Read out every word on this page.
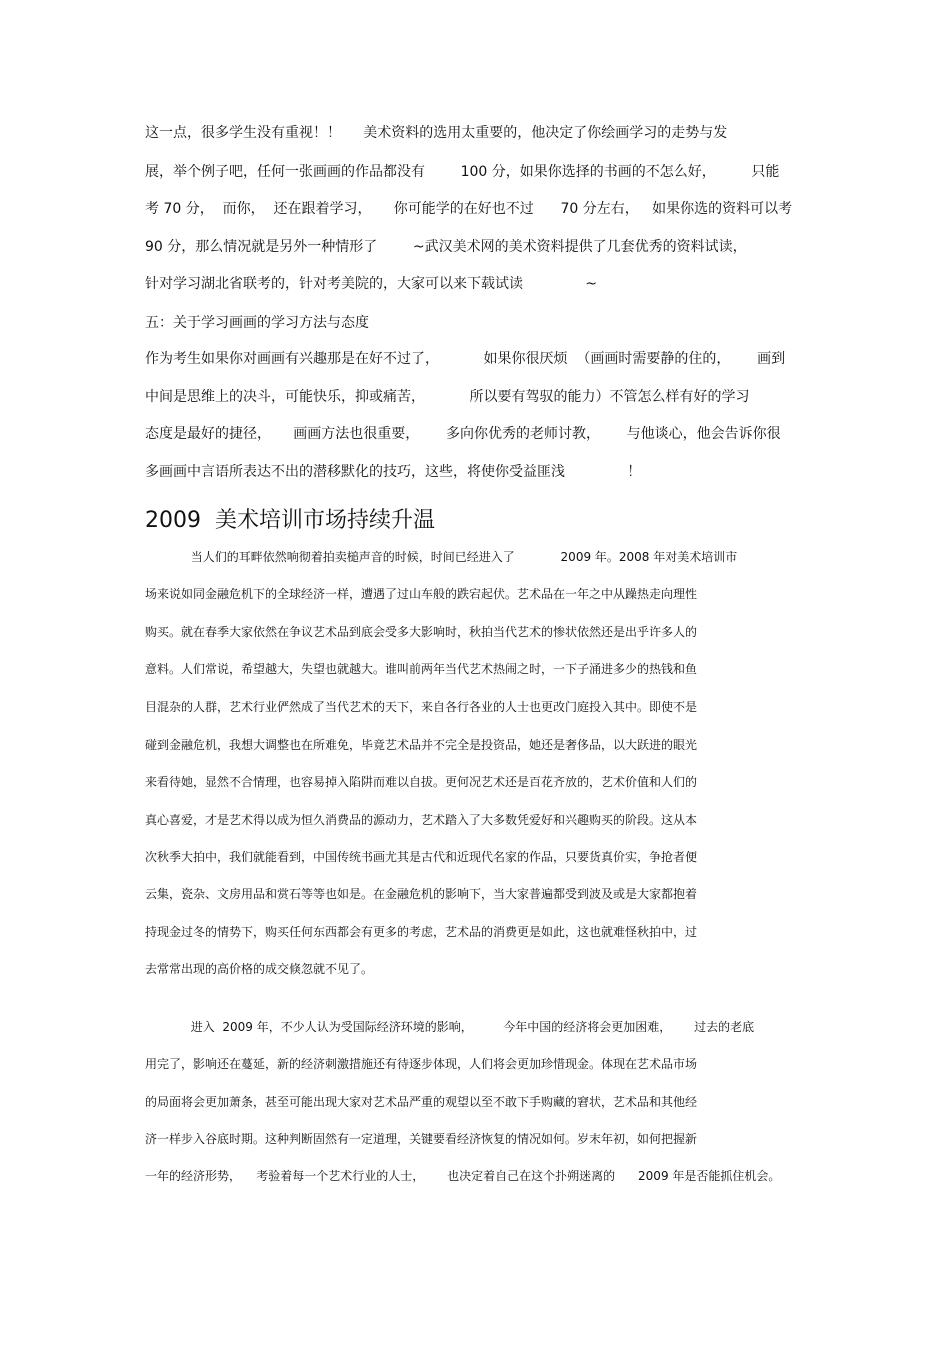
这一点，很多学生没有重视！！     美术资料的选用太重要的，他决定了你绘画学习的走势与发
展，举个例子吧，任何一张画画的作品都没有        100 分，如果你选择的书画的不怎么好，        只能
考 70 分，  而你，  还在跟着学习，     你可能学的在好也不过      70 分左右，   如果你选的资料可以考
90 分，那么情况就是另外一种情形了        ~武汉美术网的美术资料提供了几套优秀的资料试读，
针对学习湖北省联考的，针对考美院的，大家可以来下载试读              ~
五：关于学习画画的学习方法与态度
作为考生如果你对画画有兴趣那是在好不过了，          如果你很厌烦  （画画时需要静的住的，      画到
中间是思维上的决斗，可能快乐，抑或痛苦，          所以要有驾驭的能力）不管怎么样有好的学习
态度是最好的捷径，     画画方法也很重要，      多向你优秀的老师讨教，      与他谈心，他会告诉你很
多画画中言语所表达不出的潜移默化的技巧，这些，将使你受益匪浅              ！
2009  美术培训市场持续升温
当人们的耳畔依然响彻着拍卖槌声音的时候，时间已经进入了            2009 年。2008 年对美术培训市
场来说如同金融危机下的全球经济一样，遭遇了过山车般的跌宕起伏。艺术品在一年之中从躁热走向理性
购买。就在春季大家依然在争议艺术品到底会受多大影响时，秋拍当代艺术的惨状依然还是出乎许多人的
意料。人们常说，希望越大，失望也就越大。谁叫前两年当代艺术热闹之时，一下子涌进多少的热钱和鱼
目混杂的人群，艺术行业俨然成了当代艺术的天下，来自各行各业的人士也更改门庭投入其中。即使不是
碰到金融危机，我想大调整也在所难免，毕竟艺术品并不完全是投资品，她还是奢侈品，以大跃进的眼光
来看待她，显然不合情理，也容易掉入陷阱而难以自拔。更何况艺术还是百花齐放的，艺术价值和人们的
真心喜爱，才是艺术得以成为恒久消费品的源动力，艺术踏入了大多数凭爱好和兴趣购买的阶段。这从本
次秋季大拍中，我们就能看到，中国传统书画尤其是古代和近现代名家的作品，只要货真价实，争抢者便
云集，瓷杂、文房用品和赏石等等也如是。在金融危机的影响下，当大家普遍都受到波及或是大家都抱着
持现金过冬的情势下，购买任何东西都会有更多的考虑，艺术品的消费更是如此，这也就难怪秋拍中，过
去常常出现的高价格的成交倏忽就不见了。
进入  2009 年，不少人认为受国际经济环境的影响，        今年中国的经济将会更加困难，      过去的老底
用完了，影响还在蔓延，新的经济刺激措施还有待逐步体现，人们将会更加珍惜现金。体现在艺术品市场
的局面将会更加萧条，甚至可能出现大家对艺术品严重的观望以至不敢下手购藏的窘状，艺术品和其他经
济一样步入谷底时期。这种判断固然有一定道理，关键要看经济恢复的情况如何。岁末年初，如何把握新
一年的经济形势，    考验着每一个艺术行业的人士，      也决定着自己在这个扑朔迷离的      2009 年是否能抓住机会。
